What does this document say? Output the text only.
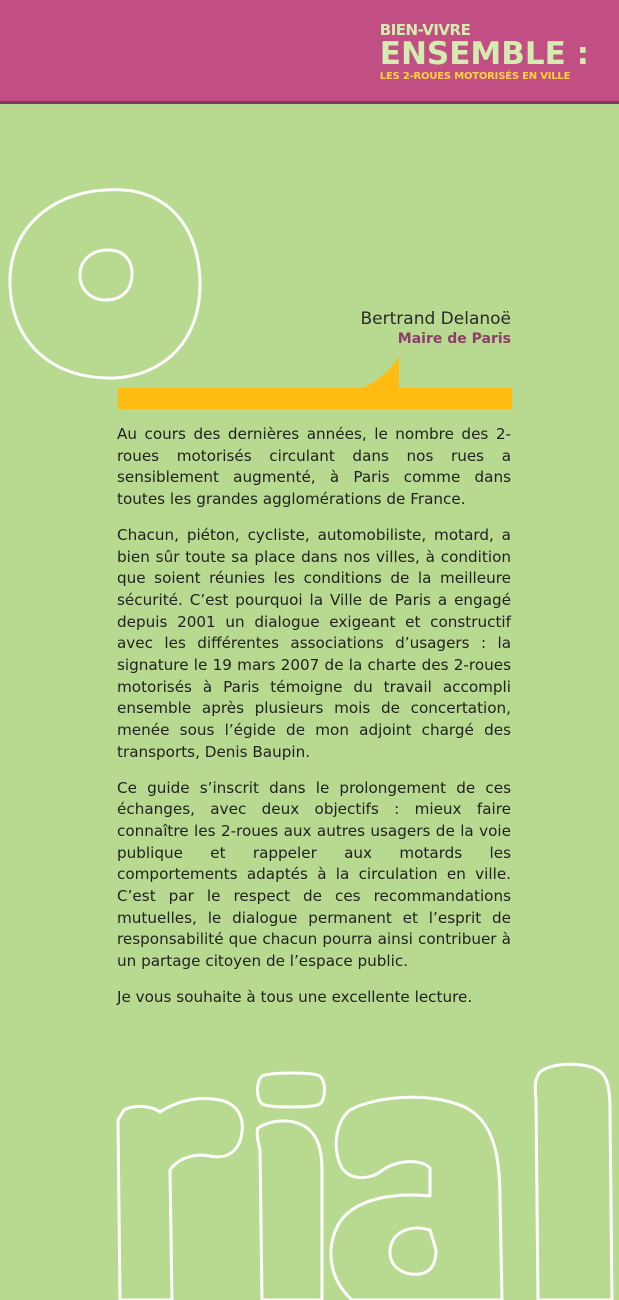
BIEN-VIVRE
ENSEMBLE :
LES 2-ROUES MOTORISÉS EN VILLE
Bertrand Delanoë
Maire de Paris

Au cours des dernières années, le nombre des 2-roues motorisés circulant dans nos rues a sensiblement augmenté, à Paris comme dans toutes les grandes agglomérations de France.

Chacun, piéton, cycliste, automobiliste, motard, a bien sûr toute sa place dans nos villes, à condition que soient réunies les conditions de la meilleure sécurité. C’est pourquoi la Ville de Paris a engagé depuis 2001 un dialogue exigeant et constructif avec les différentes associations d’usagers : la signature le 19 mars 2007 de la charte des 2-roues motorisés à Paris témoigne du travail accompli ensemble après plusieurs mois de concertation, menée sous l’égide de mon adjoint chargé des transports, Denis Baupin.

Ce guide s’inscrit dans le prolongement de ces échanges, avec deux objectifs : mieux faire connaître les 2-roues aux autres usagers de la voie publique et rappeler aux motards les comportements adaptés à la circulation en ville. C’est par le respect de ces recommandations mutuelles, le dialogue permanent et l’esprit de responsabilité que chacun pourra ainsi contribuer à un partage citoyen de l’espace public.

Je vous souhaite à tous une excellente lecture.
